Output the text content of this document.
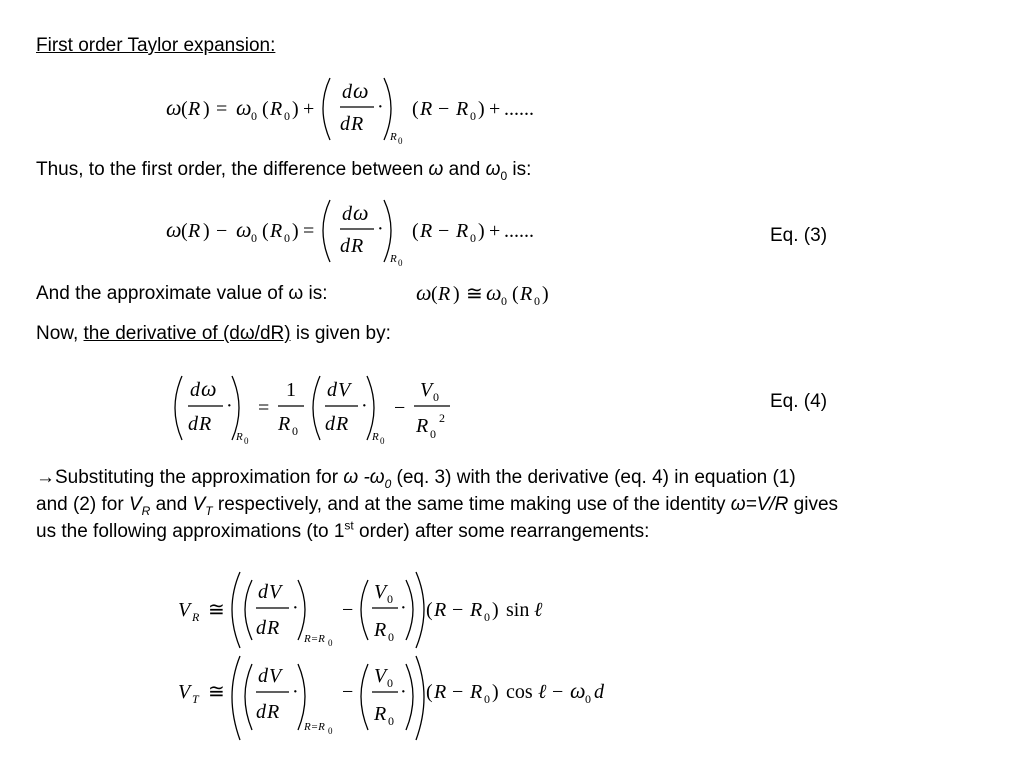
First order Taylor expansion:
ω ( R ) = ω 0 ( R 0 ) +
d ω
d R
·
R 0
( R − R 0 ) + ......
Thus, to the first order, the difference between ω and $\omega_0$ is:
ω ( R ) − ω 0 ( R 0 ) =
d ω
d R
·
R 0
( R − R 0 ) + ......	Eq. (3)
And the approximate value of ω is:	ω ( R ) ≅ ω 0 ( R 0 )
Now, the derivative of (dω/dR) is given by:
d ω
d R
·
R 0
=
1
R 0
d V
d R
·
R 0
−
V 0
R 0
2
Eq. (4)
→Substituting the approximation for ω $-\omega_0$ (eq. 3) with the derivative (eq. 4) in equation (1)
and (2) for $V_R$ and $V_T$ respectively, and at the same time making use of the identity ω=V/R gives
us the following approximations (to 1st order) after some rearrangements:
V R ≅
d V
d R
·
R=R 0
−
V 0
R 0
· ( R − R 0 ) sin ℓ
V T ≅
d V
d R
·
R=R 0
−
V 0
R 0
· ( R − R 0 ) cos ℓ − ω 0 d
